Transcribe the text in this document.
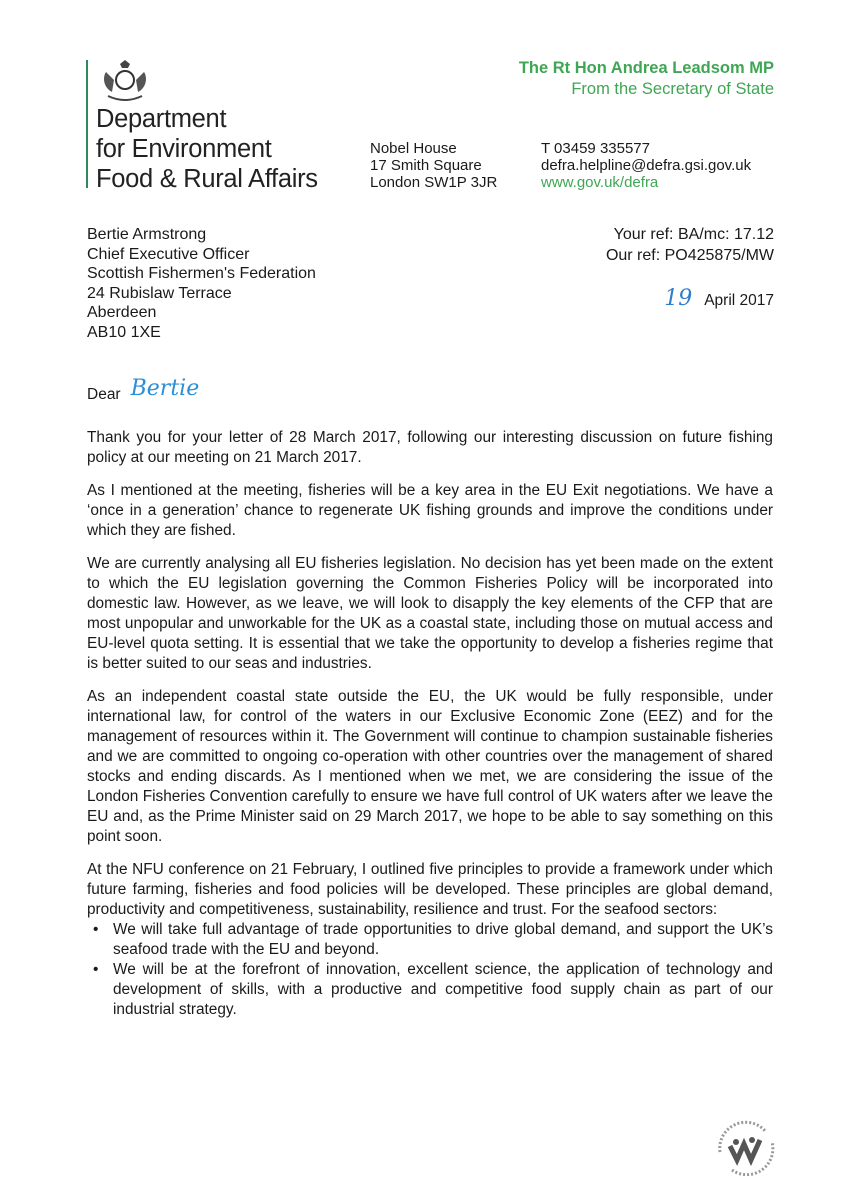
Department
for Environment
Food & Rural Affairs
Nobel House
17 Smith Square
London SW1P 3JR
T 03459 335577
defra.helpline@defra.gsi.gov.uk
www.gov.uk/defra
The Rt Hon Andrea Leadsom MP
From the Secretary of State
Bertie Armstrong
Chief Executive Officer
Scottish Fishermen's Federation
24 Rubislaw Terrace
Aberdeen
AB10 1XE
Your ref: BA/mc: 17.12
Our ref: PO425875/MW
19 April 2017
Dear Bertie

Thank you for your letter of 28 March 2017, following our interesting discussion on future fishing policy at our meeting on 21 March 2017.

As I mentioned at the meeting, fisheries will be a key area in the EU Exit negotiations. We have a ‘once in a generation’ chance to regenerate UK fishing grounds and improve the conditions under which they are fished.

We are currently analysing all EU fisheries legislation. No decision has yet been made on the extent to which the EU legislation governing the Common Fisheries Policy will be incorporated into domestic law. However, as we leave, we will look to disapply the key elements of the CFP that are most unpopular and unworkable for the UK as a coastal state, including those on mutual access and EU-level quota setting. It is essential that we take the opportunity to develop a fisheries regime that is better suited to our seas and industries.

As an independent coastal state outside the EU, the UK would be fully responsible, under international law, for control of the waters in our Exclusive Economic Zone (EEZ) and for the management of resources within it. The Government will continue to champion sustainable fisheries and we are committed to ongoing co-operation with other countries over the management of shared stocks and ending discards. As I mentioned when we met, we are considering the issue of the London Fisheries Convention carefully to ensure we have full control of UK waters after we leave the EU and, as the Prime Minister said on 29 March 2017, we hope to be able to say something on this point soon.

At the NFU conference on 21 February, I outlined five principles to provide a framework under which future farming, fisheries and food policies will be developed. These principles are global demand, productivity and competitiveness, sustainability, resilience and trust. For the seafood sectors:

• We will take full advantage of trade opportunities to drive global demand, and support the UK’s seafood trade with the EU and beyond.
• We will be at the forefront of innovation, excellent science, the application of technology and development of skills, with a productive and competitive food supply chain as part of our industrial strategy.
